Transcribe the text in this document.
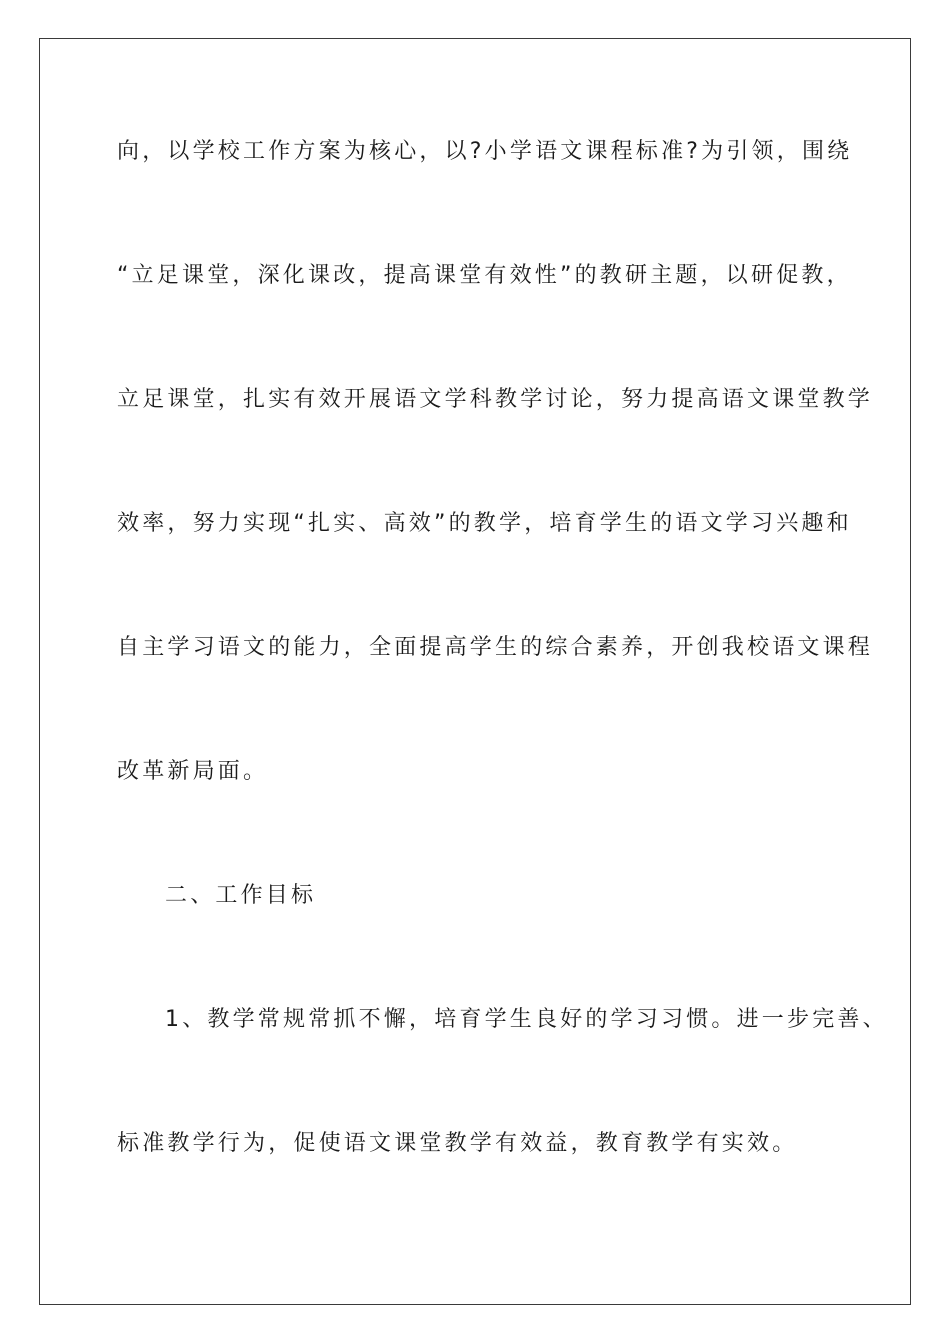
向，以学校工作方案为核心，以?小学语文课程标准?为引领，围绕
“立足课堂，深化课改，提高课堂有效性”的教研主题，以研促教，
立足课堂，扎实有效开展语文学科教学讨论，努力提高语文课堂教学
效率，努力实现“扎实、高效”的教学，培育学生的语文学习兴趣和
自主学习语文的能力，全面提高学生的综合素养，开创我校语文课程
改革新局面。
二、工作目标
1、教学常规常抓不懈，培育学生良好的学习习惯。进一步完善、
标准教学行为，促使语文课堂教学有效益，教育教学有实效。
